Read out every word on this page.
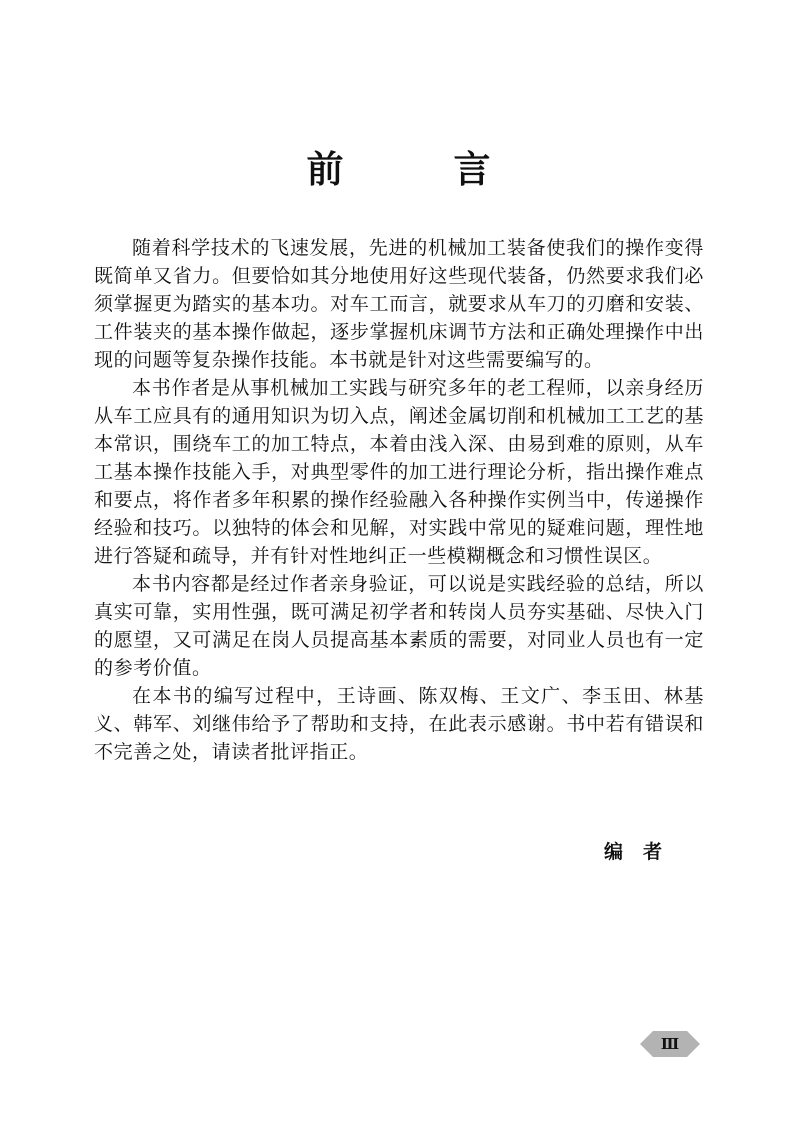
前言

随着科学技术的飞速发展，先进的机械加工装备使我们的操作变得既简单又省力。但要恰如其分地使用好这些现代装备，仍然要求我们必须掌握更为踏实的基本功。对车工而言，就要求从车刀的刃磨和安装、工件装夹的基本操作做起，逐步掌握机床调节方法和正确处理操作中出现的问题等复杂操作技能。本书就是针对这些需要编写的。

本书作者是从事机械加工实践与研究多年的老工程师，以亲身经历从车工应具有的通用知识为切入点，阐述金属切削和机械加工工艺的基本常识，围绕车工的加工特点，本着由浅入深、由易到难的原则，从车工基本操作技能入手，对典型零件的加工进行理论分析，指出操作难点和要点，将作者多年积累的操作经验融入各种操作实例当中，传递操作经验和技巧。以独特的体会和见解，对实践中常见的疑难问题，理性地进行答疑和疏导，并有针对性地纠正一些模糊概念和习惯性误区。

本书内容都是经过作者亲身验证，可以说是实践经验的总结，所以真实可靠，实用性强，既可满足初学者和转岗人员夯实基础、尽快入门的愿望，又可满足在岗人员提高基本素质的需要，对同业人员也有一定的参考价值。

在本书的编写过程中，王诗画、陈双梅、王文广、李玉田、林基义、韩军、刘继伟给予了帮助和支持，在此表示感谢。书中若有错误和不完善之处，请读者批评指正。

编者
Ⅲ
